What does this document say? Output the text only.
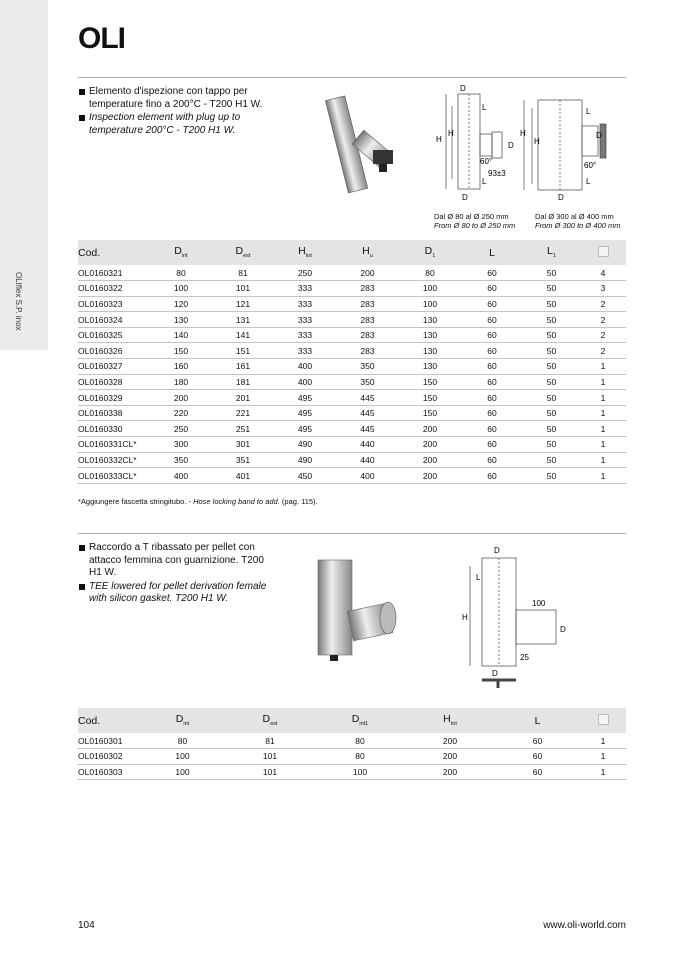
OLIflex S.P. inox
OLI

Elemento d'ispezione con tappo per temperature fino a 200°C - T200 H1 W.

Inspection element with plug up to temperature 200°C - T200 H1 W.

D
L
H
H
D
60°
93±3
L
D
L
H
H
D
60°
L
D
Dal Ø 80 al Ø 250 mm
From Ø 80 to Ø 250 mm
Dal Ø 300 al Ø 400 mm
From Ø 300 to Ø 400 mm
Cod.	$D_{int}$	$D_{est}$	$H_{tot}$	$H_u$	$D_1$	L	$L_1$	
OL0160321	80	81	250	200	80	60	50	4
OL0160322	100	101	333	283	100	60	50	3
OL0160323	120	121	333	283	100	60	50	2
OL0160324	130	131	333	283	130	60	50	2
OL0160325	140	141	333	283	130	60	50	2
OL0160326	150	151	333	283	130	60	50	2
OL0160327	160	161	400	350	130	60	50	1
OL0160328	180	181	400	350	150	60	50	1
OL0160329	200	201	495	445	150	60	50	1
OL0160338	220	221	495	445	150	60	50	1
OL0160330	250	251	495	445	200	60	50	1
OL0160331CL*	300	301	490	440	200	60	50	1
OL0160332CL*	350	351	490	440	200	60	50	1
OL0160333CL*	400	401	450	400	200	60	50	1
*Aggiungere fascetta stringitubo. - Hose locking band to add. (pag. 115).

Raccordo a T ribassato per pellet con attacco femmina con guarnizione. T200 H1 W.

TEE lowered for pellet derivation female with silicon gasket. T200 H1 W.

D
L
H
100
D
25
D
Cod.	$D_{int}$	$D_{est}$	$D_{int1}$	$H_{tot}$	L	
OL0160301	80	81	80	200	60	1
OL0160302	100	101	80	200	60	1
OL0160303	100	101	100	200	60	1
104	www.oli-world.com
